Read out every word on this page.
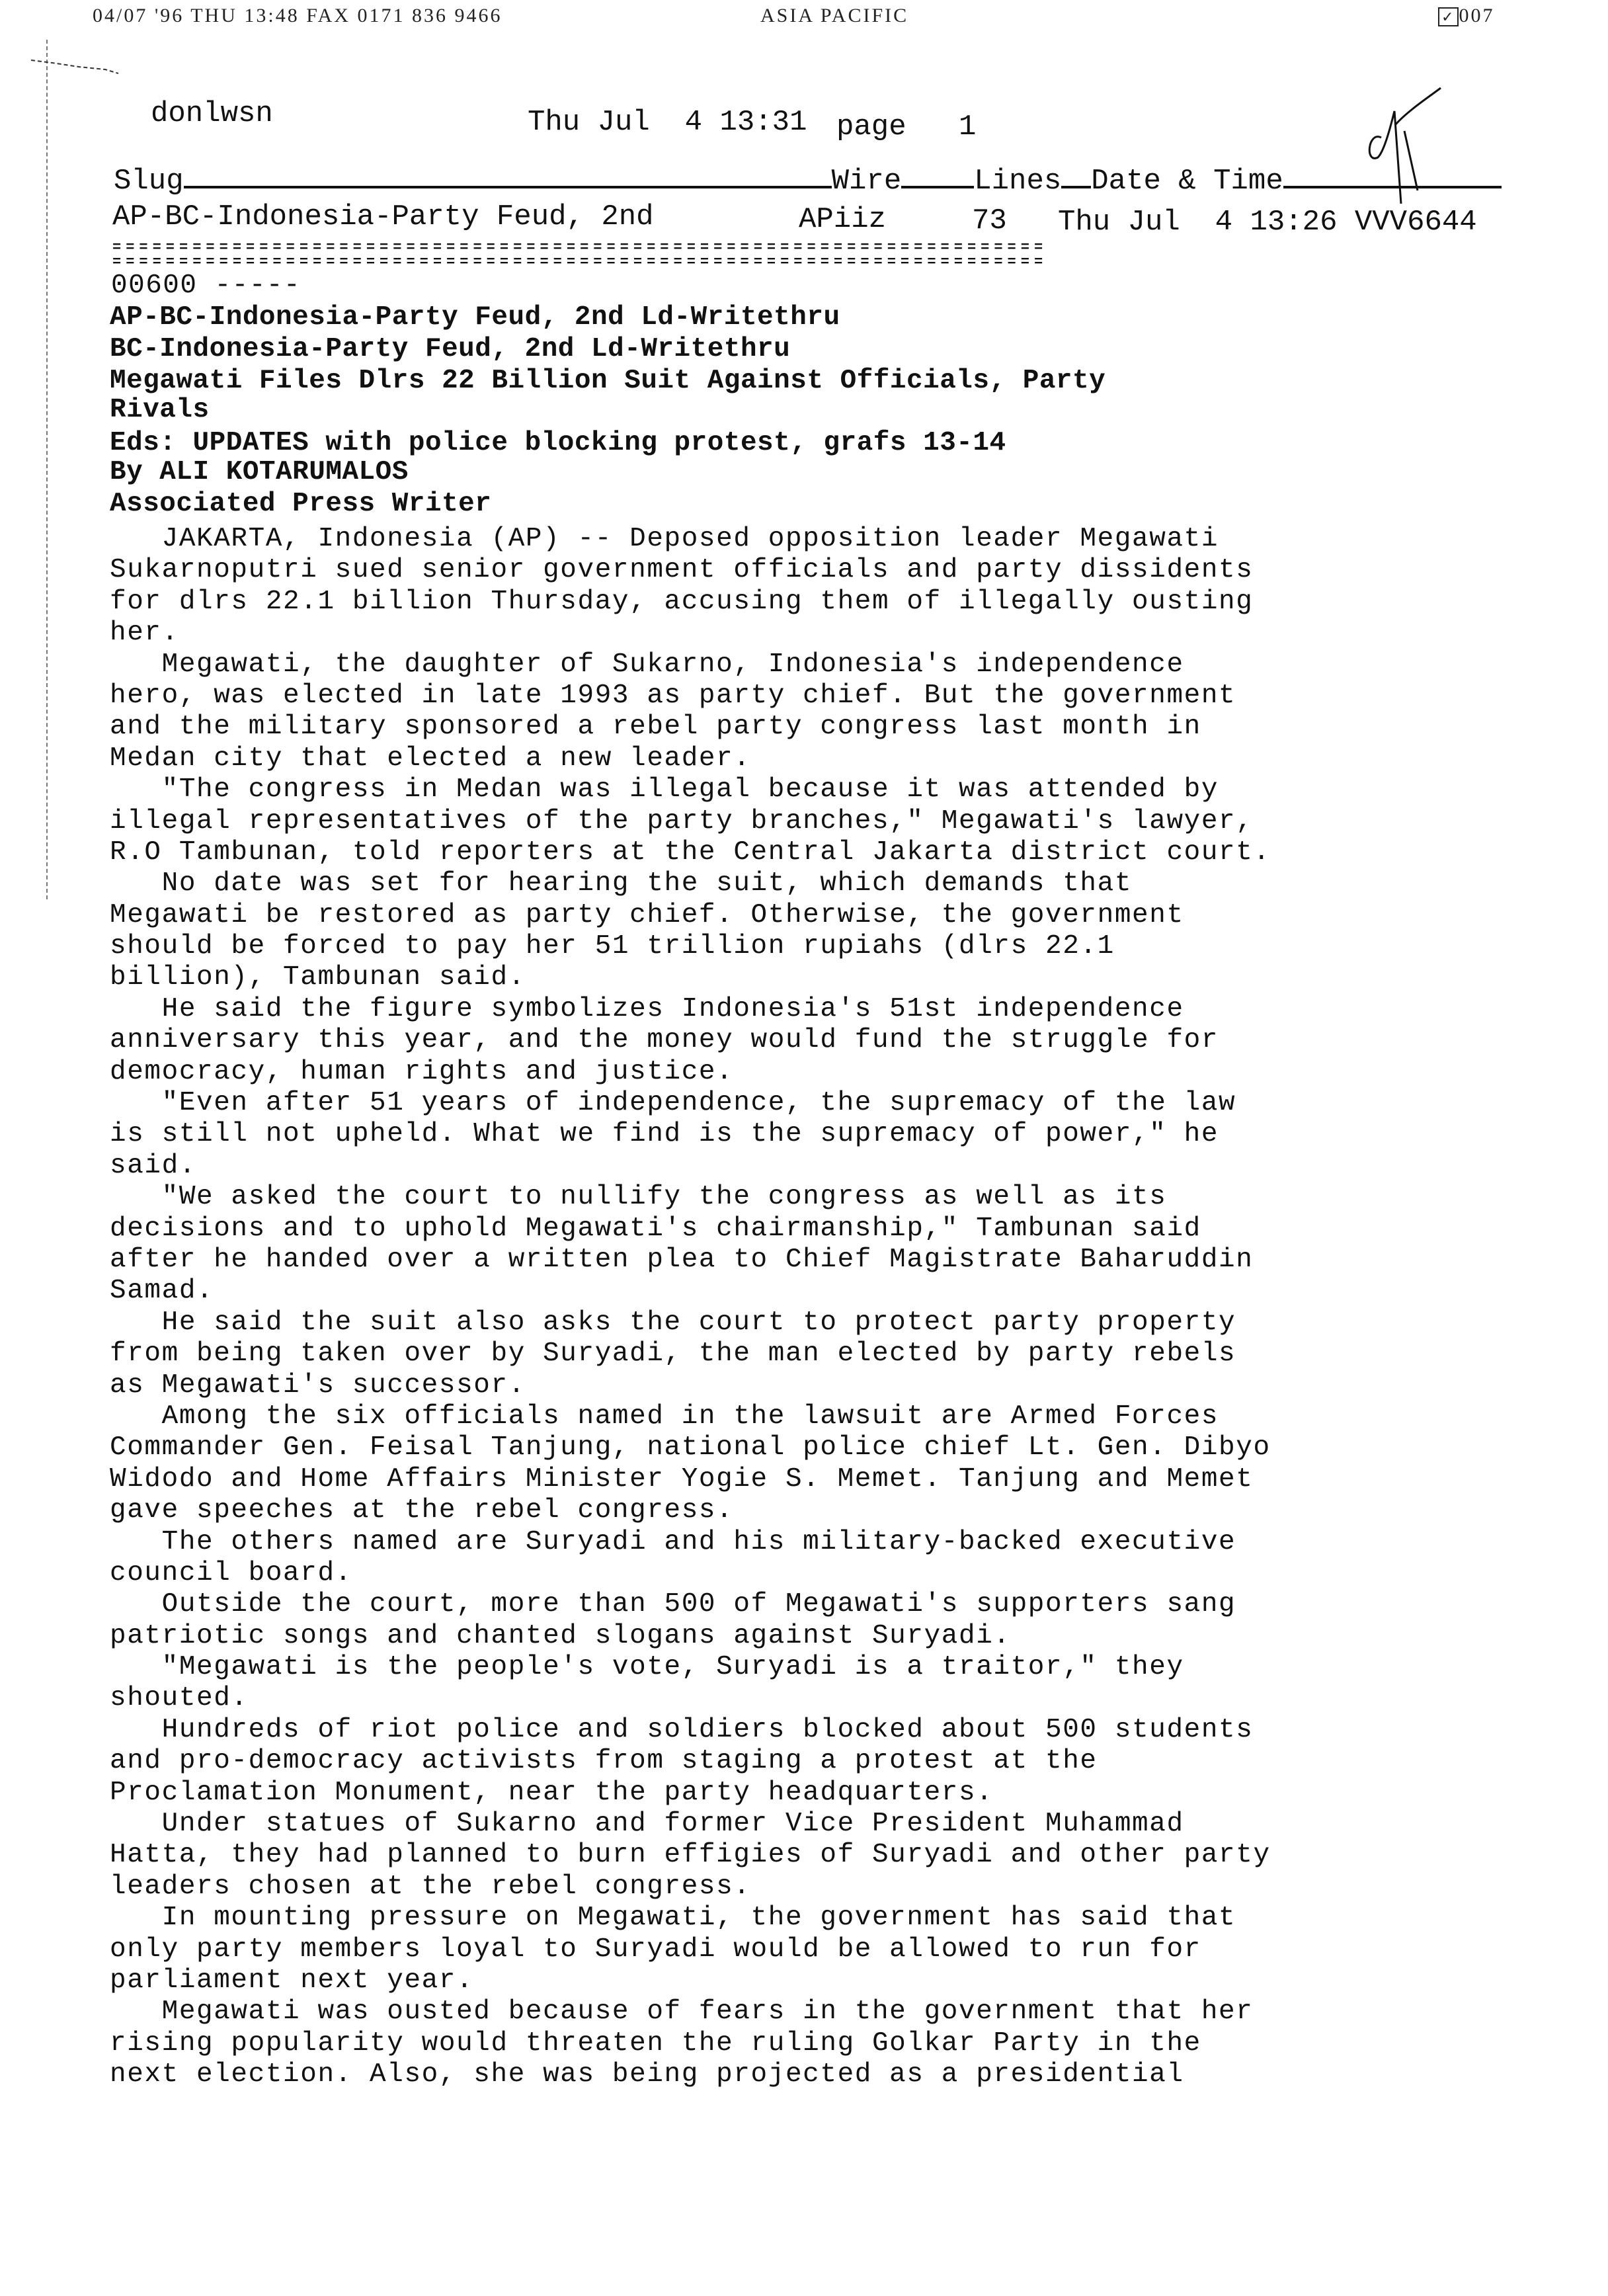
04/07 '96 THU 13:48 FAX 0171 836 9466	ASIA PACIFIC	✓ 007

donlwsn	Thu Jul  4 13:31 page 1

Slug	Wire	Lines Date & Time
AP-BC-Indonesia-Party Feud, 2nd	APiiz	73 Thu Jul  4 13:26 VVV6644
======================================================================
======================================================================
00600 -----
AP-BC-Indonesia-Party Feud, 2nd Ld-Writethru
BC-Indonesia-Party Feud, 2nd Ld-Writethru
Megawati Files Dlrs 22 Billion Suit Against Officials, Party
Rivals
Eds: UPDATES with police blocking protest, grafs 13-14
By ALI KOTARUMALOS
Associated Press Writer
JAKARTA, Indonesia (AP) -- Deposed opposition leader Megawati
Sukarnoputri sued senior government officials and party dissidents
for dlrs 22.1 billion Thursday, accusing them of illegally ousting
her.
Megawati, the daughter of Sukarno, Indonesia's independence
hero, was elected in late 1993 as party chief. But the government
and the military sponsored a rebel party congress last month in
Medan city that elected a new leader.
"The congress in Medan was illegal because it was attended by
illegal representatives of the party branches," Megawati's lawyer,
R.O Tambunan, told reporters at the Central Jakarta district court.
No date was set for hearing the suit, which demands that
Megawati be restored as party chief. Otherwise, the government
should be forced to pay her 51 trillion rupiahs (dlrs 22.1
billion), Tambunan said.
He said the figure symbolizes Indonesia's 51st independence
anniversary this year, and the money would fund the struggle for
democracy, human rights and justice.
"Even after 51 years of independence, the supremacy of the law
is still not upheld. What we find is the supremacy of power," he
said.
"We asked the court to nullify the congress as well as its
decisions and to uphold Megawati's chairmanship," Tambunan said
after he handed over a written plea to Chief Magistrate Baharuddin
Samad.
He said the suit also asks the court to protect party property
from being taken over by Suryadi, the man elected by party rebels
as Megawati's successor.
Among the six officials named in the lawsuit are Armed Forces
Commander Gen. Feisal Tanjung, national police chief Lt. Gen. Dibyo
Widodo and Home Affairs Minister Yogie S. Memet. Tanjung and Memet
gave speeches at the rebel congress.
The others named are Suryadi and his military-backed executive
council board.
Outside the court, more than 500 of Megawati's supporters sang
patriotic songs and chanted slogans against Suryadi.
"Megawati is the people's vote, Suryadi is a traitor," they
shouted.
Hundreds of riot police and soldiers blocked about 500 students
and pro-democracy activists from staging a protest at the
Proclamation Monument, near the party headquarters.
Under statues of Sukarno and former Vice President Muhammad
Hatta, they had planned to burn effigies of Suryadi and other party
leaders chosen at the rebel congress.
In mounting pressure on Megawati, the government has said that
only party members loyal to Suryadi would be allowed to run for
parliament next year.
Megawati was ousted because of fears in the government that her
rising popularity would threaten the ruling Golkar Party in the
next election. Also, she was being projected as a presidential
